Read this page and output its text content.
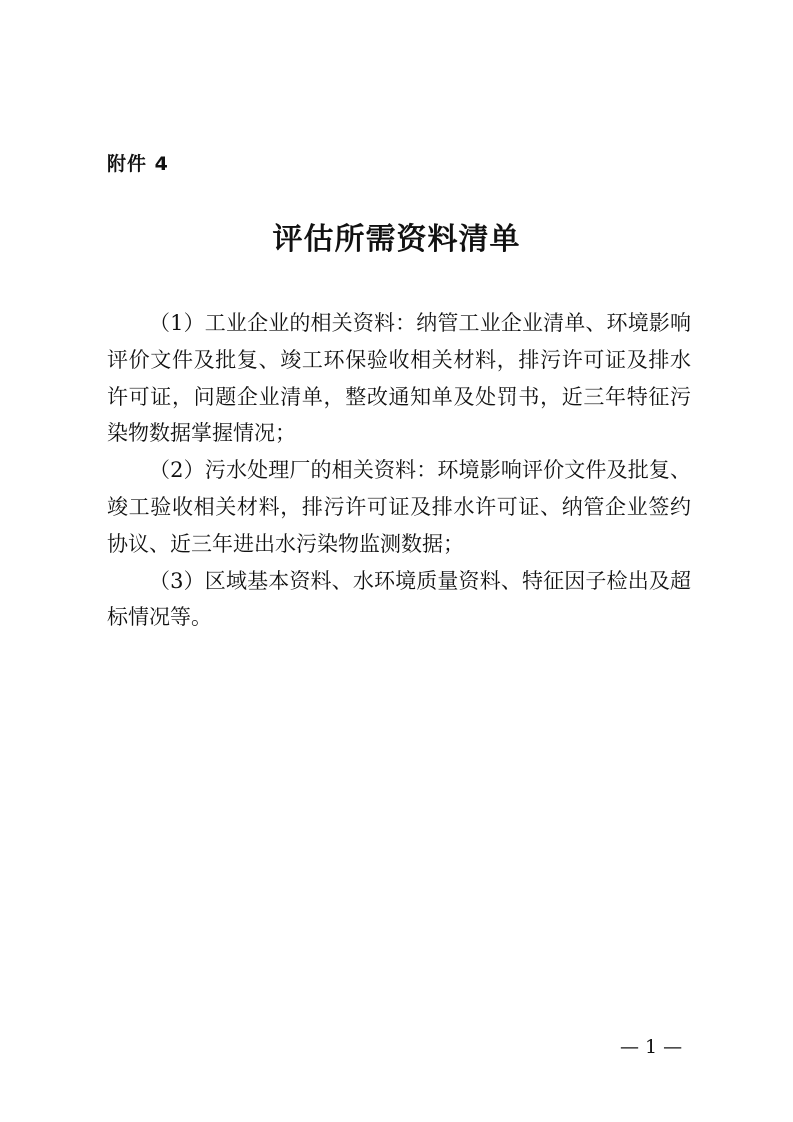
附件 4
评估所需资料清单

（1）工业企业的相关资料：纳管工业企业清单、环境影响评价文件及批复、竣工环保验收相关材料，排污许可证及排水许可证，问题企业清单，整改通知单及处罚书，近三年特征污染物数据掌握情况；

（2）污水处理厂的相关资料：环境影响评价文件及批复、竣工验收相关材料，排污许可证及排水许可证、纳管企业签约协议、近三年进出水污染物监测数据；

（3）区域基本资料、水环境质量资料、特征因子检出及超标情况等。

— 1 —
